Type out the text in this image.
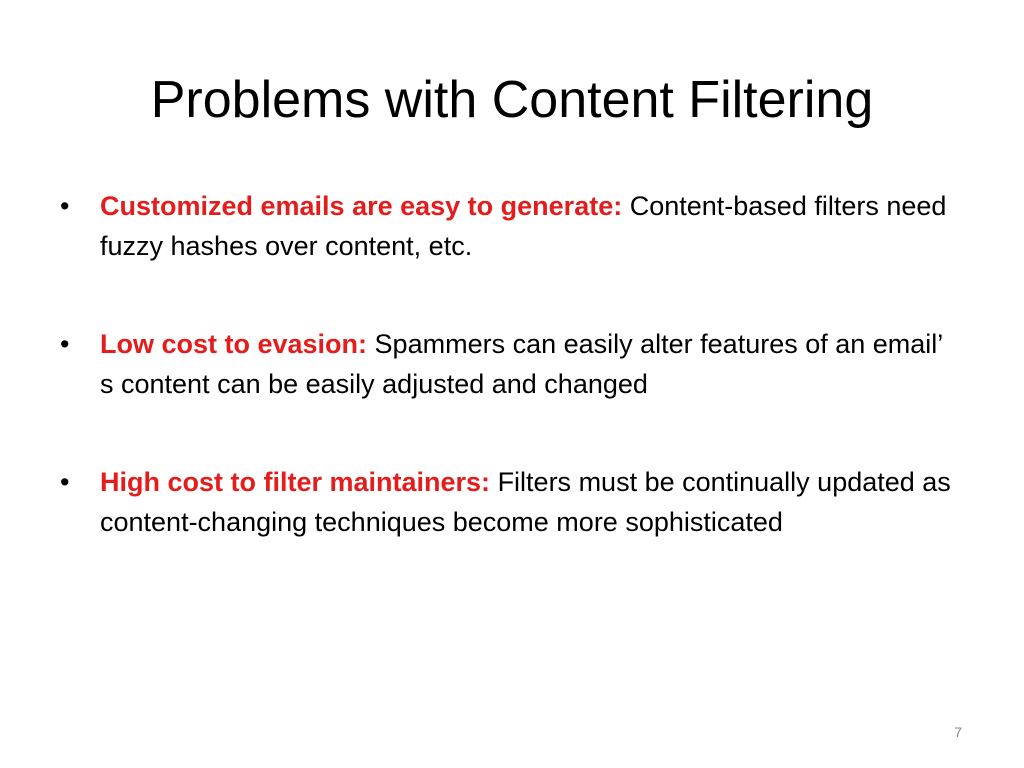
Problems with Content Filtering
•	Customized emails are easy to generate: Content-based filters need fuzzy hashes over content, etc.
•	Low cost to evasion: Spammers can easily alter features of an email’ s content can be easily adjusted and changed
•	High cost to filter maintainers: Filters must be continually updated as content-changing techniques become more sophisticated
7
